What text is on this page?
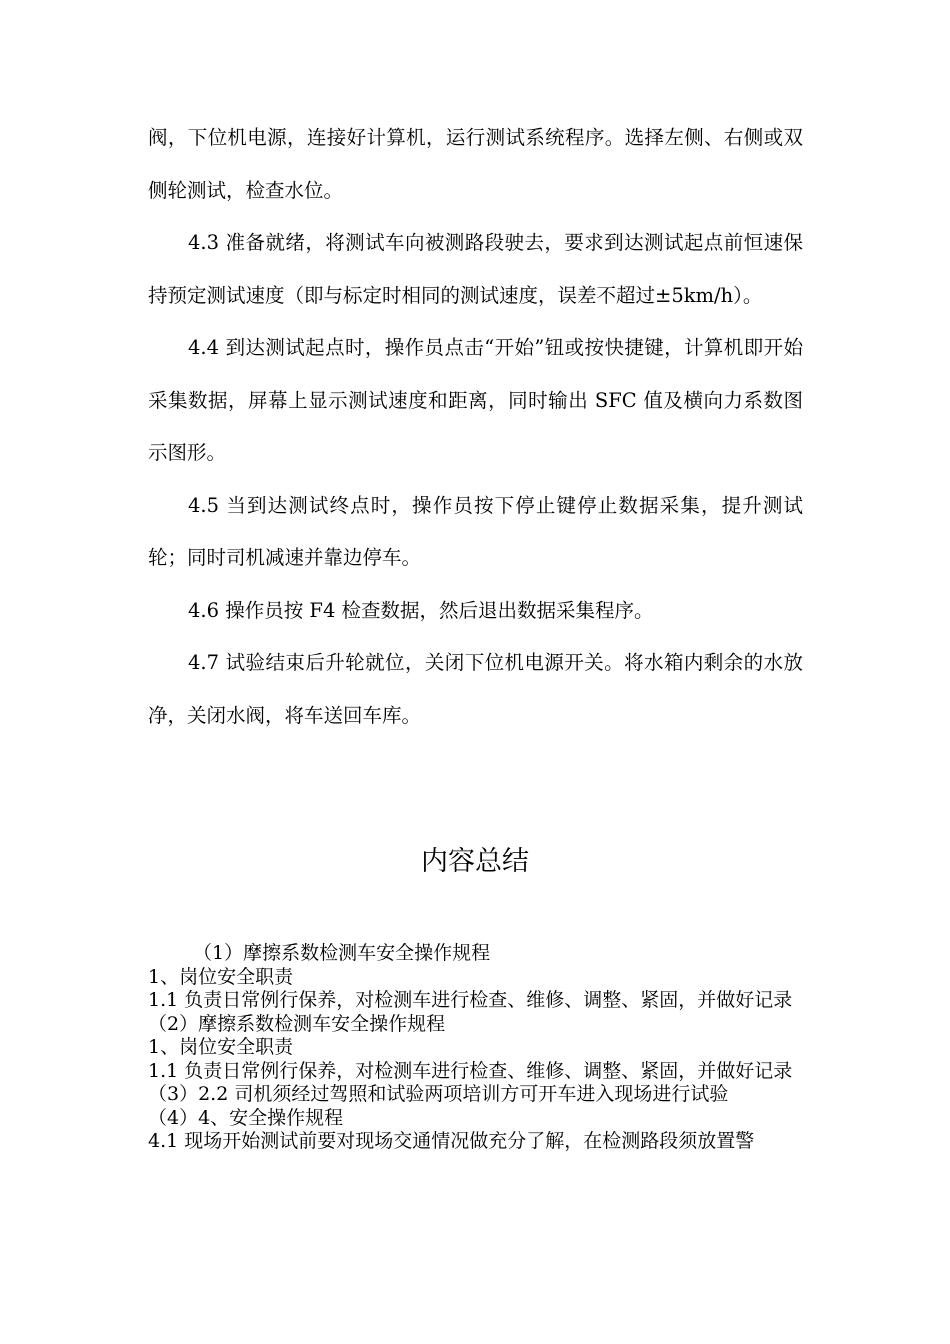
阀，下位机电源，连接好计算机，运行测试系统程序。选择左侧、右侧或双侧轮测试，检查水位。

4.3 准备就绪，将测试车向被测路段驶去，要求到达测试起点前恒速保持预定测试速度（即与标定时相同的测试速度，误差不超过±5km/h）。

4.4 到达测试起点时，操作员点击“开始”钮或按快捷键，计算机即开始采集数据，屏幕上显示测试速度和距离，同时输出 SFC 值及横向力系数图示图形。

4.5 当到达测试终点时，操作员按下停止键停止数据采集，提升测试轮；同时司机减速并靠边停车。

4.6 操作员按 F4 检查数据，然后退出数据采集程序。

4.7 试验结束后升轮就位，关闭下位机电源开关。将水箱内剩余的水放净，关闭水阀，将车送回车库。

内容总结

（1）摩擦系数检测车安全操作规程

1、岗位安全职责

1.1 负责日常例行保养，对检测车进行检查、维修、调整、紧固，并做好记录

（2）摩擦系数检测车安全操作规程

1、岗位安全职责

1.1 负责日常例行保养，对检测车进行检查、维修、调整、紧固，并做好记录

（3）2.2 司机须经过驾照和试验两项培训方可开车进入现场进行试验

（4）4、安全操作规程

4.1 现场开始测试前要对现场交通情况做充分了解，在检测路段须放置警
